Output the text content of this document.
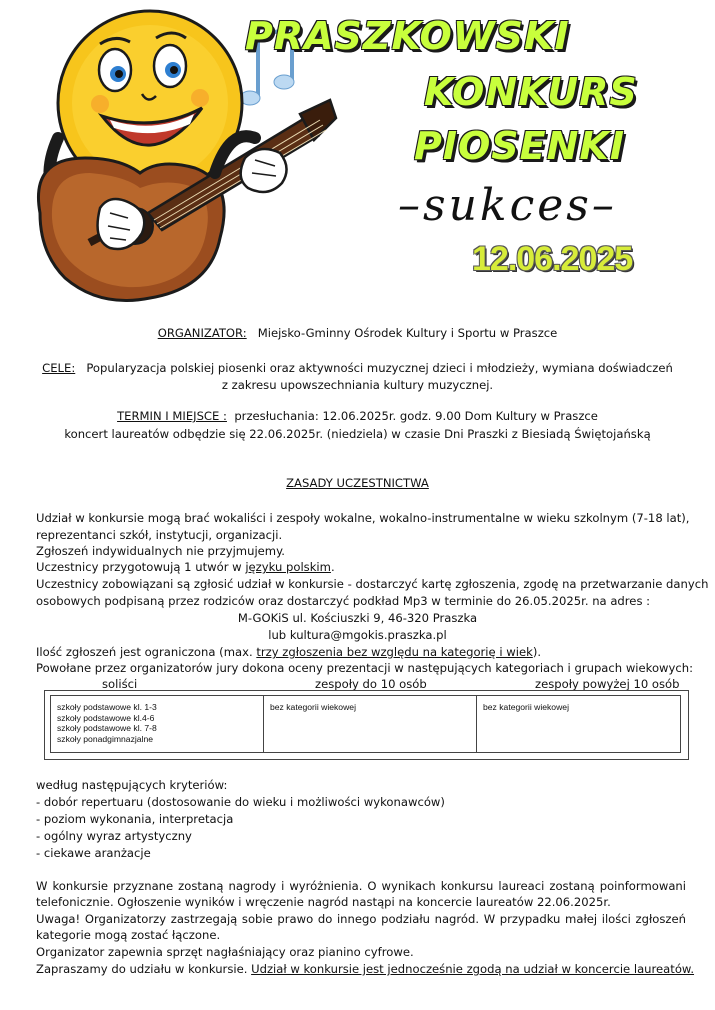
PRASZKOWSKI
KONKURS
PIOSENKI
–sukces–
12.06.2025
ORGANIZATOR: Miejsko-Gminny Ośrodek Kultury i Sportu w Praszce
CELE: Popularyzacja polskiej piosenki oraz aktywności muzycznej dzieci i młodzieży, wymiana doświadczeń
z zakresu upowszechniania kultury muzycznej.
TERMIN I MIEJSCE : przesłuchania: 12.06.2025r. godz. 9.00 Dom Kultury w Praszce
koncert laureatów odbędzie się 22.06.2025r. (niedziela) w czasie Dni Praszki z Biesiadą Świętojańską
ZASADY UCZESTNICTWA
Udział w konkursie mogą brać wokaliści i zespoły wokalne, wokalno-instrumentalne w wieku szkolnym (7-18 lat),
reprezentanci szkół, instytucji, organizacji.
Zgłoszeń indywidualnych nie przyjmujemy.
Uczestnicy przygotowują 1 utwór w języku polskim.
Uczestnicy zobowiązani są zgłosić udział w konkursie - dostarczyć kartę zgłoszenia, zgodę na przetwarzanie danych
osobowych podpisaną przez rodziców oraz dostarczyć podkład Mp3 w terminie do 26.05.2025r. na adres :
M-GOKiS ul. Kościuszki 9, 46-320 Praszka
lub kultura@mgokis.praszka.pl
Ilość zgłoszeń jest ograniczona (max. trzy zgłoszenia bez względu na kategorię i wiek).
Powołane przez organizatorów jury dokona oceny prezentacji w następujących kategoriach i grupach wiekowych:
soliści	zespoły do 10 osób	zespoły powyżej 10 osób
szkoły podstawowe kl. 1-3
szkoły podstawowe kl.4-6
szkoły podstawowe kl. 7-8
szkoły ponadgimnazjalne
	bez kategorii wiekowej	bez kategorii wiekowej
według następujących kryteriów:
- dobór repertuaru (dostosowanie do wieku i możliwości wykonawców)
- poziom wykonania, interpretacja
- ogólny wyraz artystyczny
- ciekawe aranżacje
W konkursie przyznane zostaną nagrody i wyróżnienia. O wynikach konkursu laureaci zostaną poinformowani
telefonicznie. Ogłoszenie wyników i wręczenie nagród nastąpi na koncercie laureatów 22.06.2025r.
Uwaga! Organizatorzy zastrzegają sobie prawo do innego podziału nagród. W przypadku małej ilości zgłoszeń
kategorie mogą zostać łączone.
Organizator zapewnia sprzęt nagłaśniający oraz pianino cyfrowe.
Zapraszamy do udziału w konkursie. Udział w konkursie jest jednocześnie zgodą na udział w koncercie laureatów.
